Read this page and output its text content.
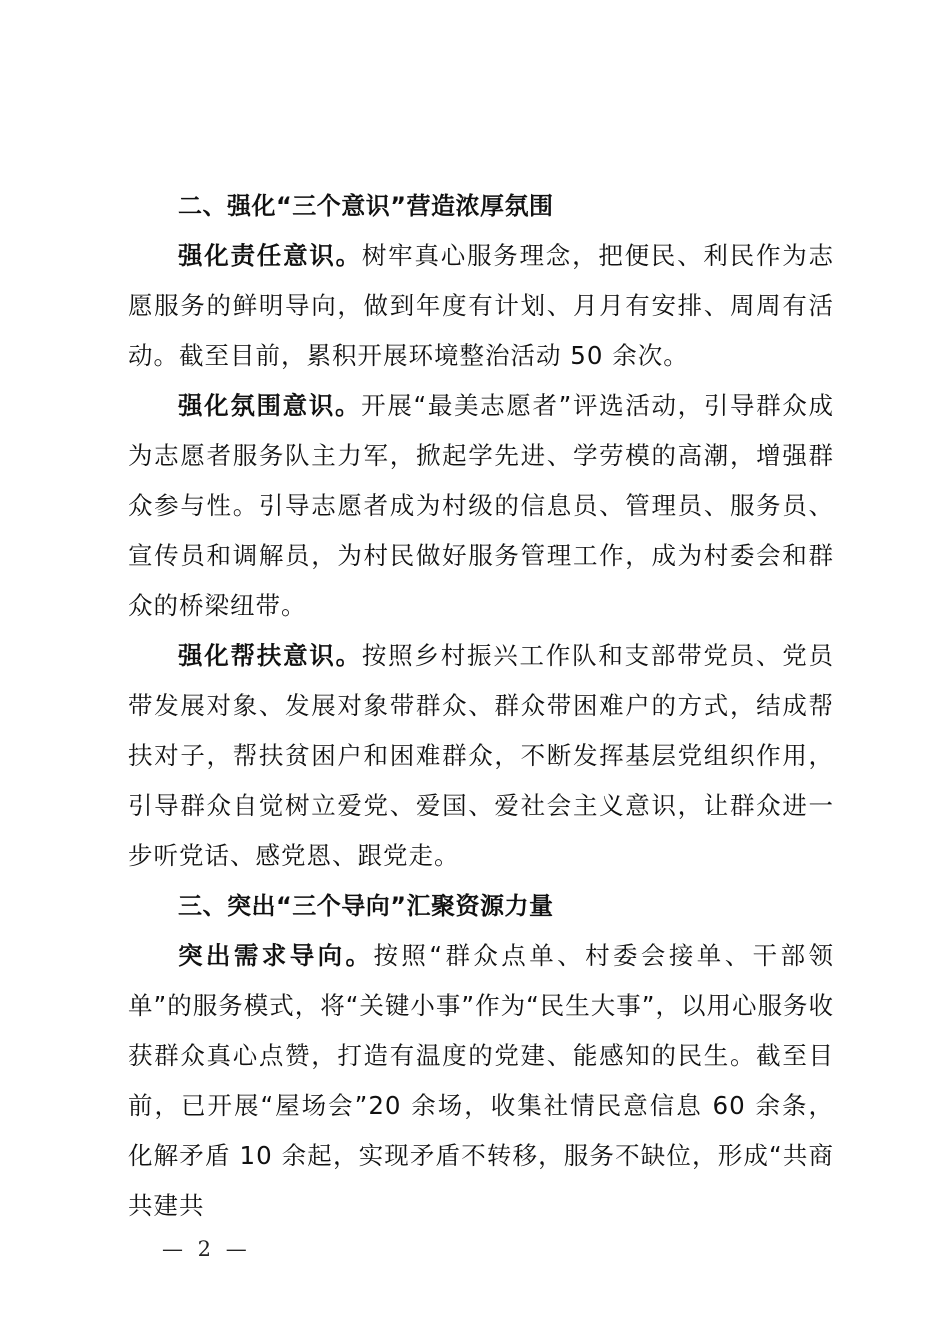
二、强化“三个意识”营造浓厚氛围
强化责任意识。树牢真心服务理念，把便民、利民作为志愿服务的鲜明导向，做到年度有计划、月月有安排、周周有活动。截至目前，累积开展环境整治活动 50 余次。
强化氛围意识。开展“最美志愿者”评选活动，引导群众成为志愿者服务队主力军，掀起学先进、学劳模的高潮，增强群众参与性。引导志愿者成为村级的信息员、管理员、服务员、宣传员和调解员，为村民做好服务管理工作，成为村委会和群众的桥梁纽带。
强化帮扶意识。按照乡村振兴工作队和支部带党员、党员带发展对象、发展对象带群众、群众带困难户的方式，结成帮扶对子，帮扶贫困户和困难群众，不断发挥基层党组织作用，引导群众自觉树立爱党、爱国、爱社会主义意识，让群众进一步听党话、感党恩、跟党走。
三、突出“三个导向”汇聚资源力量
突出需求导向。按照“群众点单、村委会接单、干部领单”的服务模式，将“关键小事”作为“民生大事”，以用心服务收获群众真心点赞，打造有温度的党建、能感知的民生。截至目前，已开展“屋场会”20 余场，收集社情民意信息 60 余条，化解矛盾 10 余起，实现矛盾不转移，服务不缺位，形成“共商共建共
— 2 —
